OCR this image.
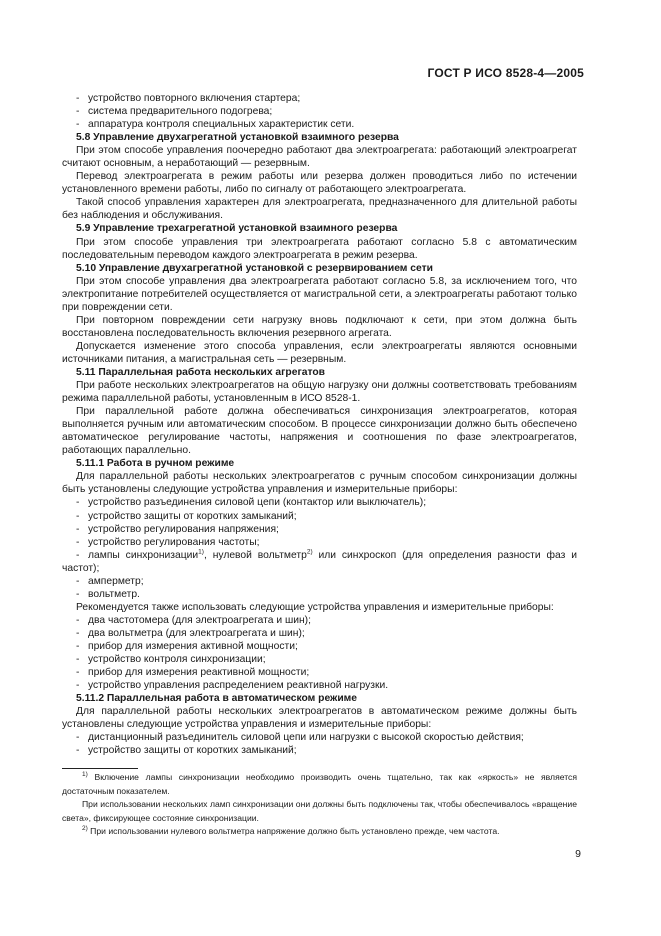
ГОСТ Р ИСО 8528-4—2005

- устройство повторного включения стартера;

- система предварительного подогрева;

- аппаратура контроля специальных характеристик сети.

5.8 Управление двухагрегатной установкой взаимного резерва

При этом способе управления поочередно работают два электроагрегата: работающий электроагрегат считают основным, а неработающий — резервным.

Перевод электроагрегата в режим работы или резерва должен проводиться либо по истечении установленного времени работы, либо по сигналу от работающего электроагрегата.

Такой способ управления характерен для электроагрегата, предназначенного для длительной работы без наблюдения и обслуживания.

5.9 Управление трехагрегатной установкой взаимного резерва

При этом способе управления три электроагрегата работают согласно 5.8 с автоматическим последовательным переводом каждого электроагрегата в режим резерва.

5.10 Управление двухагрегатной установкой с резервированием сети

При этом способе управления два электроагрегата работают согласно 5.8, за исключением того, что электропитание потребителей осуществляется от магистральной сети, а электроагрегаты работают только при повреждении сети.

При повторном повреждении сети нагрузку вновь подключают к сети, при этом должна быть восстановлена последовательность включения резервного агрегата.

Допускается изменение этого способа управления, если электроагрегаты являются основными источниками питания, а магистральная сеть — резервным.

5.11 Параллельная работа нескольких агрегатов

При работе нескольких электроагрегатов на общую нагрузку они должны соответствовать требованиям режима параллельной работы, установленным в ИСО 8528-1.

При параллельной работе должна обеспечиваться синхронизация электроагрегатов, которая выполняется ручным или автоматическим способом. В процессе синхронизации должно быть обеспечено автоматическое регулирование частоты, напряжения и соотношения по фазе электроагрегатов, работающих параллельно.

5.11.1 Работа в ручном режиме

Для параллельной работы нескольких электроагрегатов с ручным способом синхронизации должны быть установлены следующие устройства управления и измерительные приборы:

- устройство разъединения силовой цепи (контактор или выключатель);

- устройство защиты от коротких замыканий;

- устройство регулирования напряжения;

- устройство регулирования частоты;

- лампы синхронизации$^{1)}$, нулевой вольтметр$^{2)}$ или синхроскоп (для определения разности фаз и частот);

- амперметр;

- вольтметр.

Рекомендуется также использовать следующие устройства управления и измерительные приборы:

- два частотомера (для электроагрегата и шин);

- два вольтметра (для электроагрегата и шин);

- прибор для измерения активной мощности;

- устройство контроля синхронизации;

- прибор для измерения реактивной мощности;

- устройство управления распределением реактивной нагрузки.

5.11.2 Параллельная работа в автоматическом режиме

Для параллельной работы нескольких электроагрегатов в автоматическом режиме должны быть установлены следующие устройства управления и измерительные приборы:

- дистанционный разъединитель силовой цепи или нагрузки с высокой скоростью действия;

- устройство защиты от коротких замыканий;

$^{1)}$ Включение лампы синхронизации необходимо производить очень тщательно, так как «яркость» не является достаточным показателем.

При использовании нескольких ламп синхронизации они должны быть подключены так, чтобы обеспечивалось «вращение света», фиксирующее состояние синхронизации.

$^{2)}$ При использовании нулевого вольтметра напряжение должно быть установлено прежде, чем частота.

9
